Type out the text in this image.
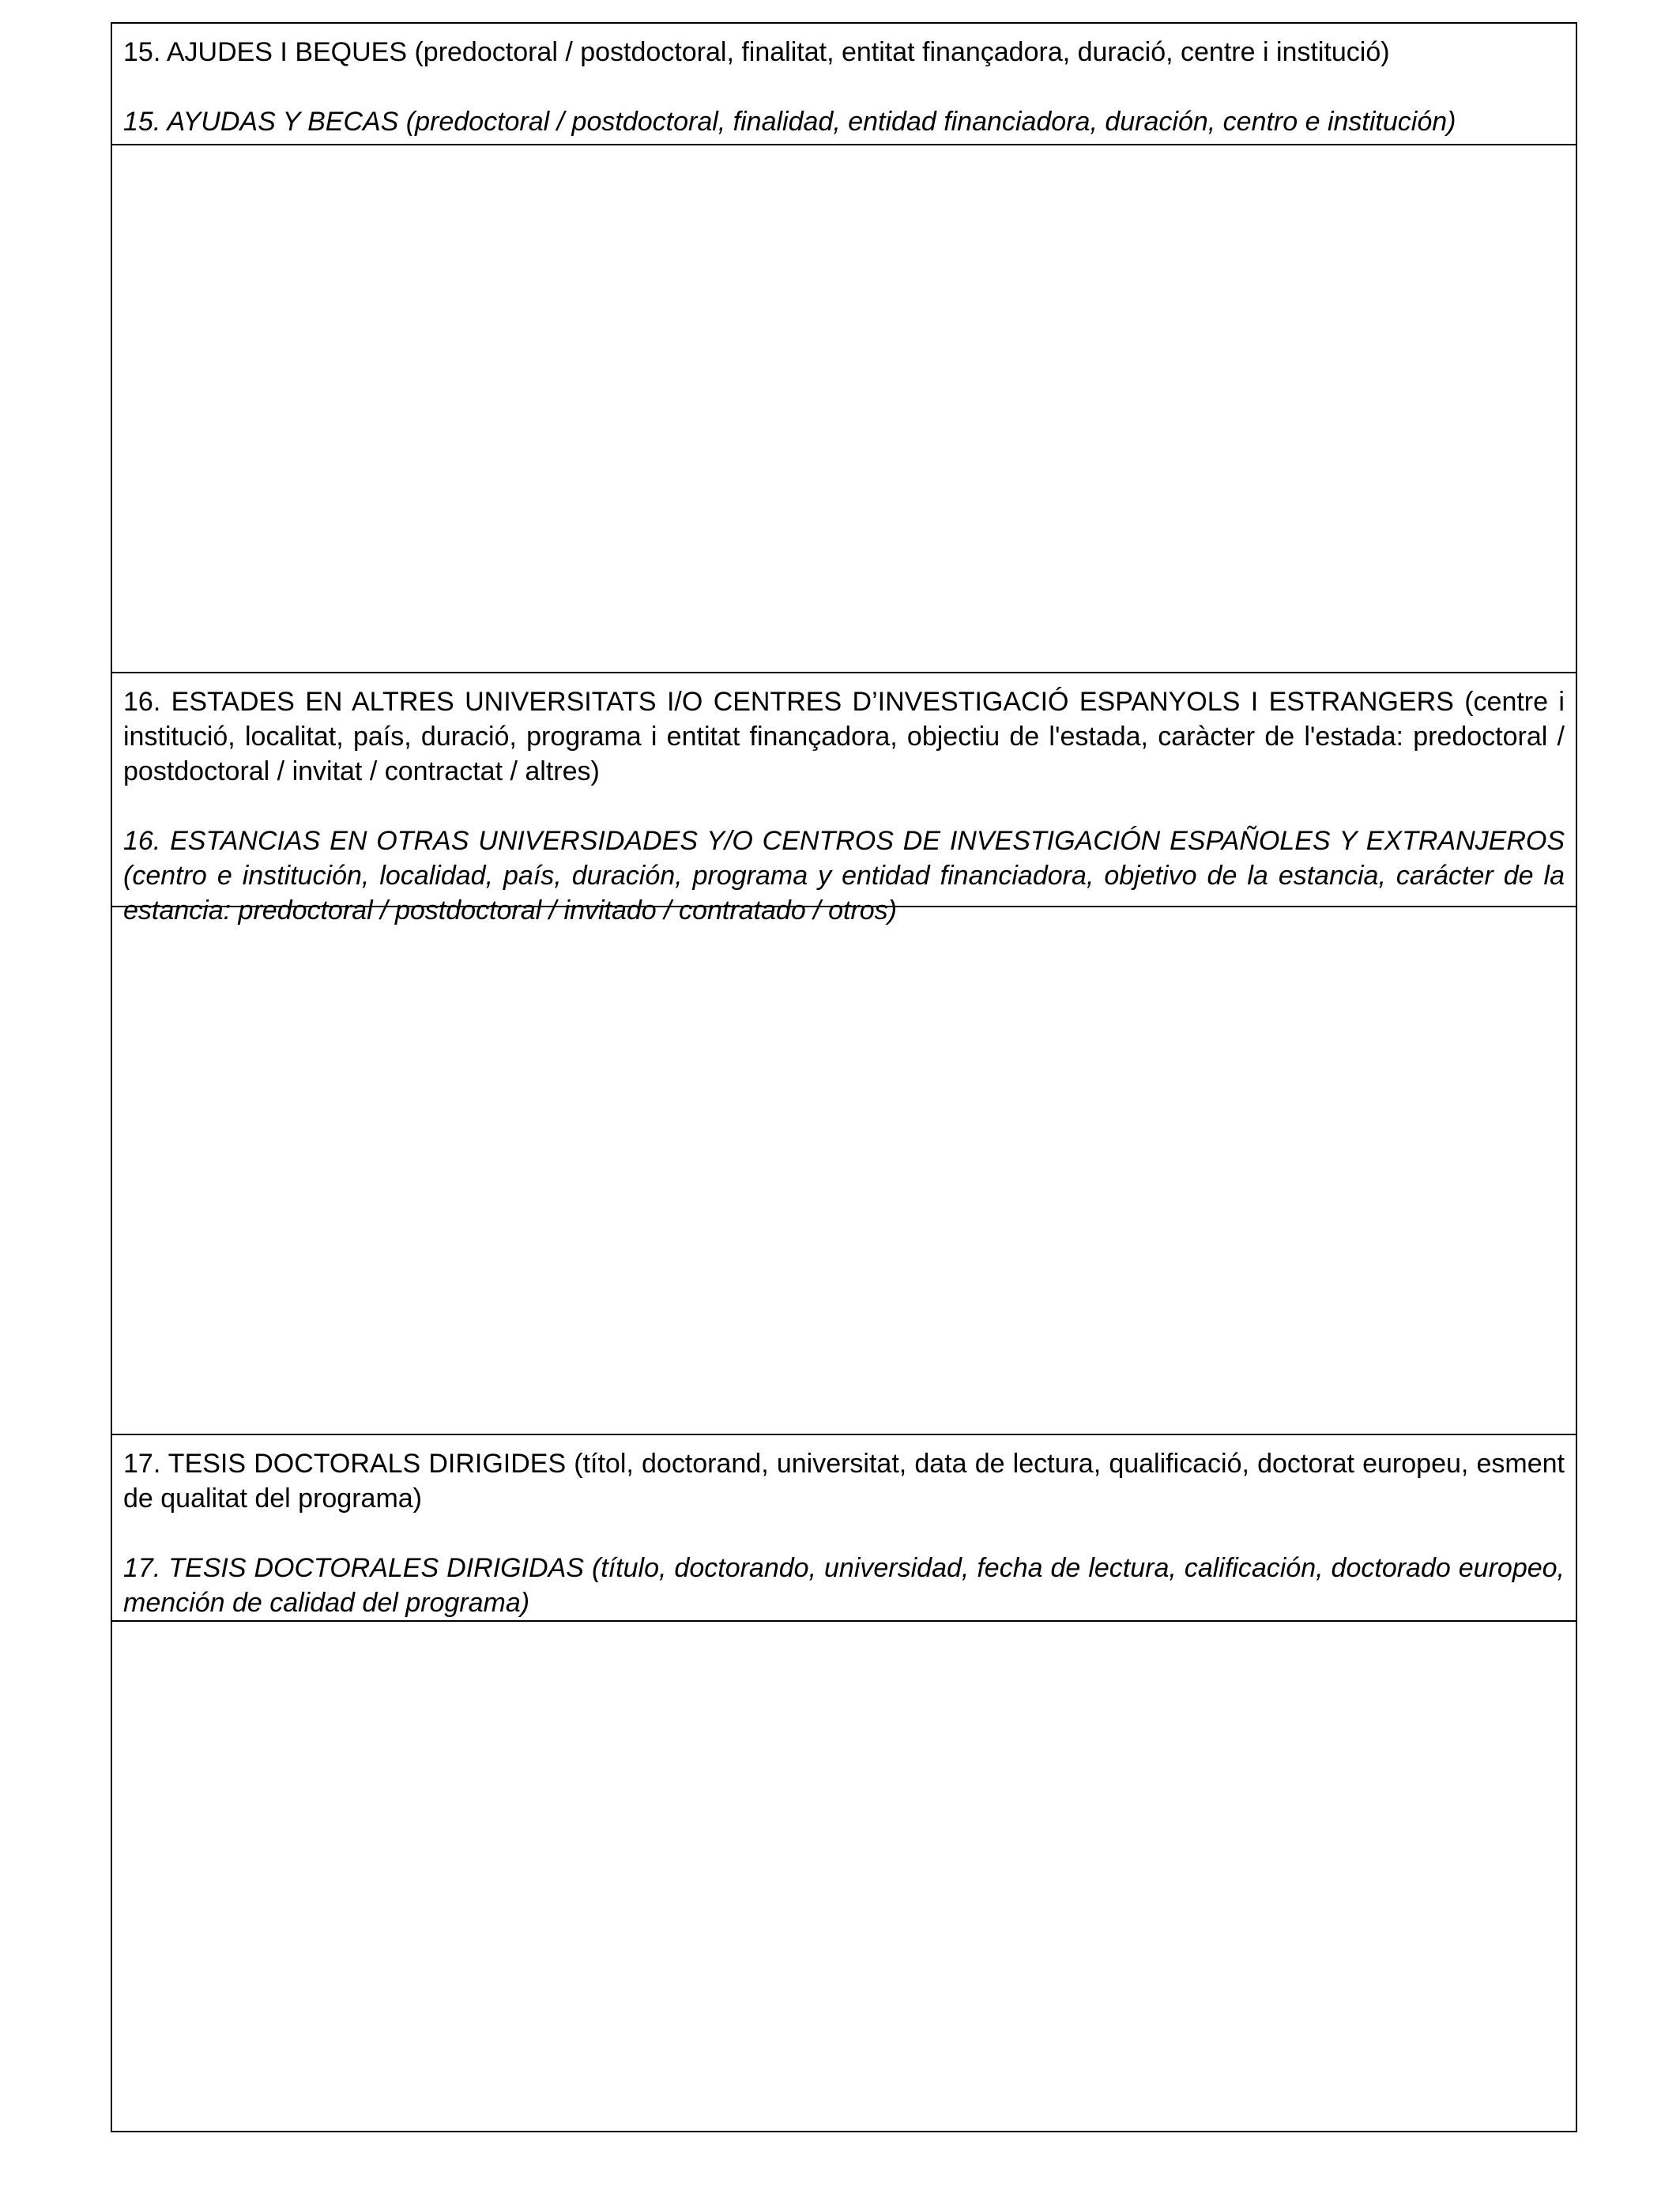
15. AJUDES I BEQUES (predoctoral / postdoctoral, finalitat, entitat finançadora, duració, centre i institució)

15. AYUDAS Y BECAS (predoctoral / postdoctoral, finalidad, entidad financiadora, duración, centro e institución)

16. ESTADES EN ALTRES UNIVERSITATS I/O CENTRES D’INVESTIGACIÓ ESPANYOLS I ESTRANGERS (centre i institució, localitat, país, duració, programa i entitat finançadora, objectiu de l'estada, caràcter de l'estada: predoctoral / postdoctoral / invitat / contractat / altres)

16. ESTANCIAS EN OTRAS UNIVERSIDADES Y/O CENTROS DE INVESTIGACIÓN ESPAÑOLES Y EXTRANJEROS (centro e institución, localidad, país, duración, programa y entidad financiadora, objetivo de la estancia, carácter de la estancia: predoctoral / postdoctoral / invitado / contratado / otros)

17. TESIS DOCTORALS DIRIGIDES (títol, doctorand, universitat, data de lectura, qualificació, doctorat europeu, esment de qualitat del programa)

17. TESIS DOCTORALES DIRIGIDAS (título, doctorando, universidad, fecha de lectura, calificación, doctorado europeo, mención de calidad del programa)
